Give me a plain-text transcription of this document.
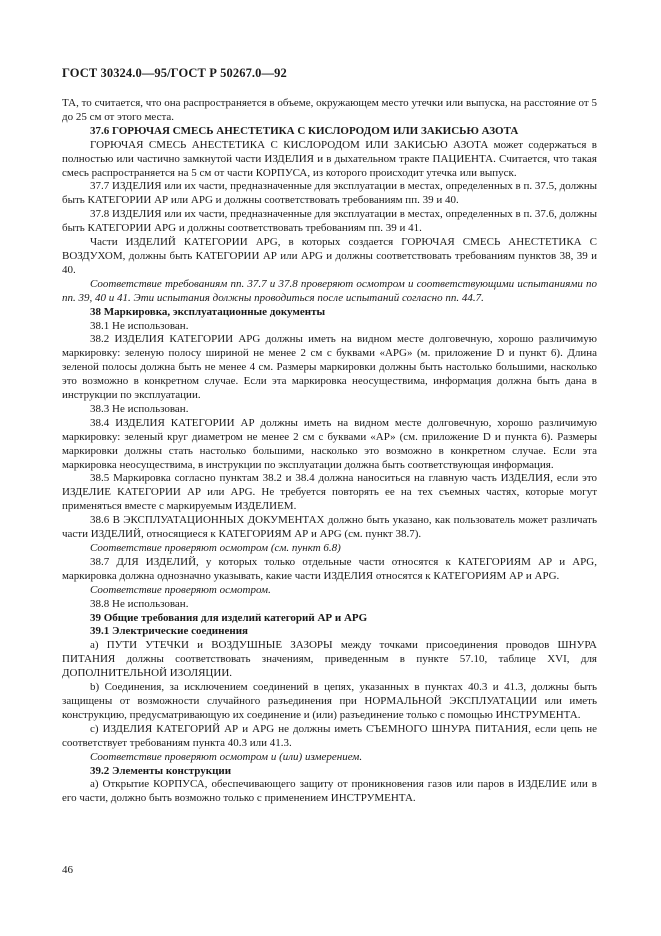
ГОСТ 30324.0—95/ГОСТ Р 50267.0—92

ТА, то считается, что она распространяется в объеме, окружающем место утечки или выпуска, на расстояние от 5 до 25 см от этого места.

37.6 ГОРЮЧАЯ СМЕСЬ АНЕСТЕТИКА С КИСЛОРОДОМ ИЛИ ЗАКИСЬЮ АЗОТА

ГОРЮЧАЯ СМЕСЬ АНЕСТЕТИКА С КИСЛОРОДОМ ИЛИ ЗАКИСЬЮ АЗОТА может содержаться в полностью или частично замкнутой части ИЗДЕЛИЯ и в дыхательном тракте ПАЦИЕНТА. Считается, что такая смесь распространяется на 5 см от части КОРПУСА, из которого происходит утечка или выпуск.

37.7 ИЗДЕЛИЯ или их части, предназначенные для эксплуатации в местах, определенных в п. 37.5, должны быть КАТЕГОРИИ АР или APG и должны соответствовать требованиям пп. 39 и 40.

37.8 ИЗДЕЛИЯ или их части, предназначенные для эксплуатации в местах, определенных в п. 37.6, должны быть КАТЕГОРИИ APG и должны соответствовать требованиям пп. 39 и 41.

Части ИЗДЕЛИЙ КАТЕГОРИИ APG, в которых создается ГОРЮЧАЯ СМЕСЬ АНЕСТЕТИКА С ВОЗДУХОМ, должны быть КАТЕГОРИИ АР или APG и должны соответствовать требованиям пунктов 38, 39 и 40.

Соответствие требованиям пп. 37.7 и 37.8 проверяют осмотром и соответствующими испытаниями по пп. 39, 40 и 41. Эти испытания должны проводиться после испытаний согласно пп. 44.7.

38 Маркировка, эксплуатационные документы

38.1 Не использован.

38.2 ИЗДЕЛИЯ КАТЕГОРИИ APG должны иметь на видном месте долговечную, хорошо различимую маркировку: зеленую полосу шириной не менее 2 см с буквами «APG» (м. приложение D и пункт 6). Длина зеленой полосы должна быть не менее 4 см. Размеры маркировки должны быть настолько большими, насколько это возможно в конкретном случае. Если эта маркировка неосуществима, информация должна быть дана в инструкции по эксплуатации.

38.3 Не использован.

38.4 ИЗДЕЛИЯ КАТЕГОРИИ АР должны иметь на видном месте долговечную, хорошо различимую маркировку: зеленый круг диаметром не менее 2 см с буквами «АР» (см. приложение D и пункта 6). Размеры маркировки должны стать настолько большими, насколько это возможно в конкретном случае. Если эта маркировка неосуществима, в инструкции по эксплуатации должна быть соответствующая информация.

38.5 Маркировка согласно пунктам 38.2 и 38.4 должна наноситься на главную часть ИЗДЕЛИЯ, если это ИЗДЕЛИЕ КАТЕГОРИИ АР или APG. Не требуется повторять ее на тех съемных частях, которые могут применяться вместе с маркируемым ИЗДЕЛИЕМ.

38.6 В ЭКСПЛУАТАЦИОННЫХ ДОКУМЕНТАХ должно быть указано, как пользователь может различать части ИЗДЕЛИЙ, относящиеся к КАТЕГОРИЯМ АР и APG (см. пункт 38.7).

Соответствие проверяют осмотром (см. пункт 6.8)

38.7 ДЛЯ ИЗДЕЛИЙ, у которых только отдельные части относятся к КАТЕГОРИЯМ АР и APG, маркировка должна однозначно указывать, какие части ИЗДЕЛИЯ относятся к КАТЕГОРИЯМ АР и APG.

Соответствие проверяют осмотром.

38.8 Не использован.

39 Общие требования для изделий категорий АР и APG

39.1 Электрические соединения

а) ПУТИ УТЕЧКИ и ВОЗДУШНЫЕ ЗАЗОРЫ между точками присоединения проводов ШНУРА ПИТАНИЯ должны соответствовать значениям, приведенным в пункте 57.10, таблице XVI, для ДОПОЛНИТЕЛЬНОЙ ИЗОЛЯЦИИ.

b) Соединения, за исключением соединений в цепях, указанных в пунктах 40.3 и 41.3, должны быть защищены от возможности случайного разъединения при НОРМАЛЬНОЙ ЭКСПЛУАТАЦИИ или иметь конструкцию, предусматривающую их соединение и (или) разъединение только с помощью ИНСТРУМЕНТА.

с) ИЗДЕЛИЯ КАТЕГОРИЙ АР и APG не должны иметь СЪЕМНОГО ШНУРА ПИТАНИЯ, если цепь не соответствует требованиям пункта 40.3 или 41.3.

Соответствие проверяют осмотром и (или) измерением.

39.2 Элементы конструкции

а) Открытие КОРПУСА, обеспечивающего защиту от проникновения газов или паров в ИЗДЕЛИЕ или в его части, должно быть возможно только с применением ИНСТРУМЕНТА.

46
